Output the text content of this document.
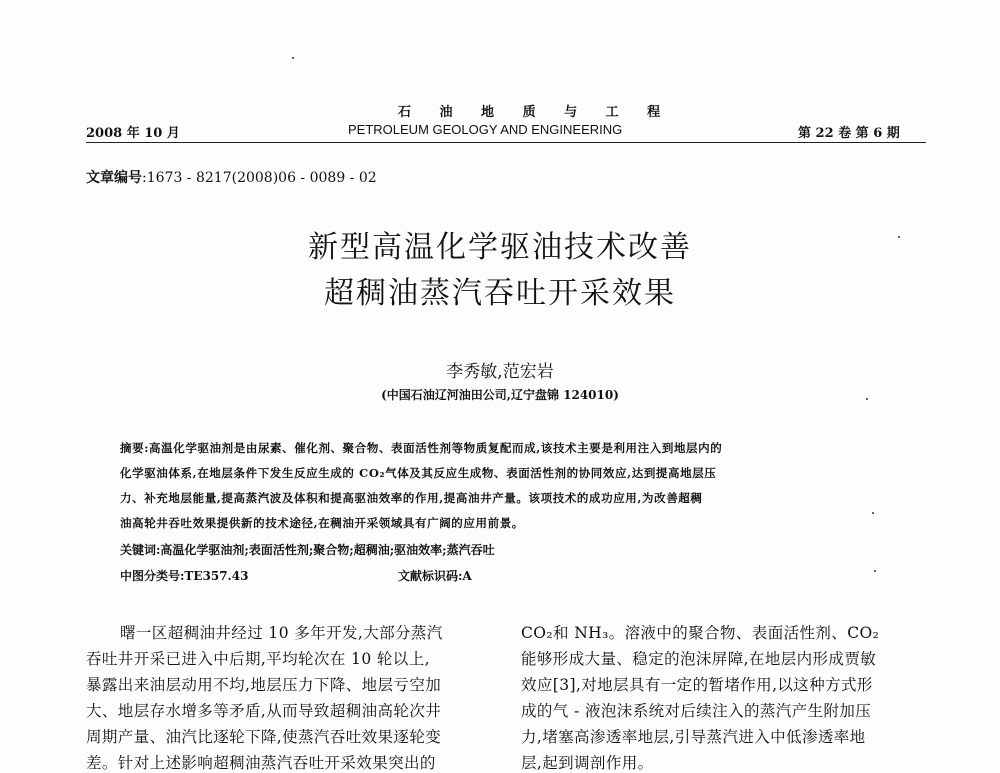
石 油 地 质 与 工 程
2008 年 10 月	PETROLEUM GEOLOGY AND ENGINEERING	第 22 卷 第 6 期
文章编号:1673 - 8217(2008)06 - 0089 - 02
新型高温化学驱油技术改善
超稠油蒸汽吞吐开采效果
李秀敏,范宏岩
(中国石油辽河油田公司,辽宁盘锦 124010)
摘要:高温化学驱油剂是由尿素、催化剂、聚合物、表面活性剂等物质复配而成,该技术主要是利用注入到地层内的
化学驱油体系,在地层条件下发生反应生成的 CO₂气体及其反应生成物、表面活性剂的协同效应,达到提高地层压
力、补充地层能量,提高蒸汽波及体积和提高驱油效率的作用,提高油井产量。该项技术的成功应用,为改善超稠
油高轮井吞吐效果提供新的技术途径,在稠油开采领域具有广阔的应用前景。
关键词:高温化学驱油剂;表面活性剂;聚合物;超稠油;驱油效率;蒸汽吞吐
中图分类号:TE357.43	文献标识码:A
曙一区超稠油井经过 10 多年开发,大部分蒸汽
吞吐井开采已进入中后期,平均轮次在 10 轮以上,
暴露出来油层动用不均,地层压力下降、地层亏空加
大、地层存水增多等矛盾,从而导致超稠油高轮次井
周期产量、油汽比逐轮下降,使蒸汽吞吐效果逐轮变
差。针对上述影响超稠油蒸汽吞吐开采效果突出的
CO₂和 NH₃。溶液中的聚合物、表面活性剂、CO₂
能够形成大量、稳定的泡沫屏障,在地层内形成贾敏
效应[3],对地层具有一定的暂堵作用,以这种方式形
成的气 - 液泡沫系统对后续注入的蒸汽产生附加压
力,堵塞高渗透率地层,引导蒸汽进入中低渗透率地
层,起到调剖作用。
